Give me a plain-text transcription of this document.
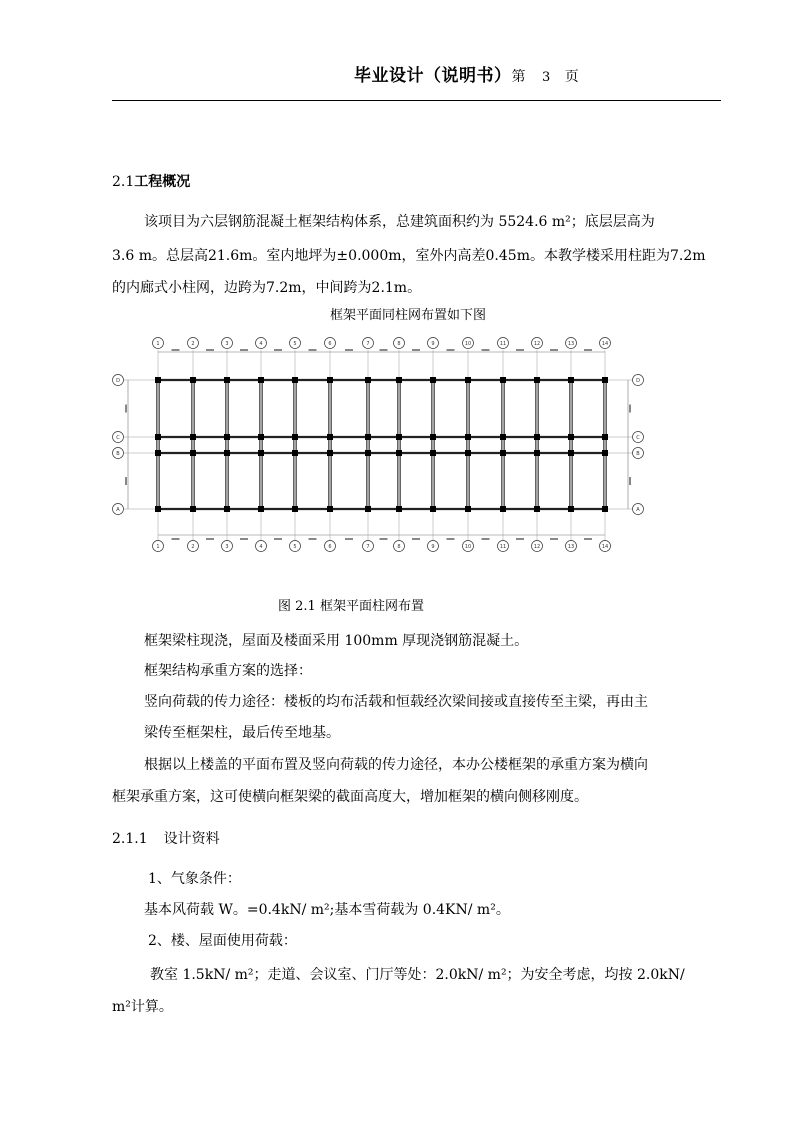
毕业设计（说明书）第 3 页
2.1工程概况
该项目为六层钢筋混凝土框架结构体系，总建筑面积约为 5524.6 m²；底层层高为
3.6 m。总层高21.6m。室内地坪为±0.000m，室外内高差0.45m。本教学楼采用柱距为7.2m
的内廊式小柱网，边跨为7.2m，中间跨为2.1m。
框架平面同柱网布置如下图
1
1
2
2
3
3
4
4
5
5
6
6
7
7
8
8
9
9
10
10
11
11
12
12
13
13
14
14
D	D
C	C
B	B
A	A
图 2.1 框架平面柱网布置
框架梁柱现浇，屋面及楼面采用 100mm 厚现浇钢筋混凝土。
框架结构承重方案的选择：
竖向荷载的传力途径：楼板的均布活载和恒载经次梁间接或直接传至主梁，再由主
梁传至框架柱，最后传至地基。
根据以上楼盖的平面布置及竖向荷载的传力途径，本办公楼框架的承重方案为横向
框架承重方案，这可使横向框架梁的截面高度大，增加框架的横向侧移刚度。
2.1.1 设计资料
1、气象条件：
基本风荷载 W。=0.4kN/ m²;基本雪荷载为 0.4KN/ m²。
2、楼、屋面使用荷载：
教室 1.5kN/ m²；走道、会议室、门厅等处：2.0kN/ m²；为安全考虑，均按 2.0kN/
m²计算。
